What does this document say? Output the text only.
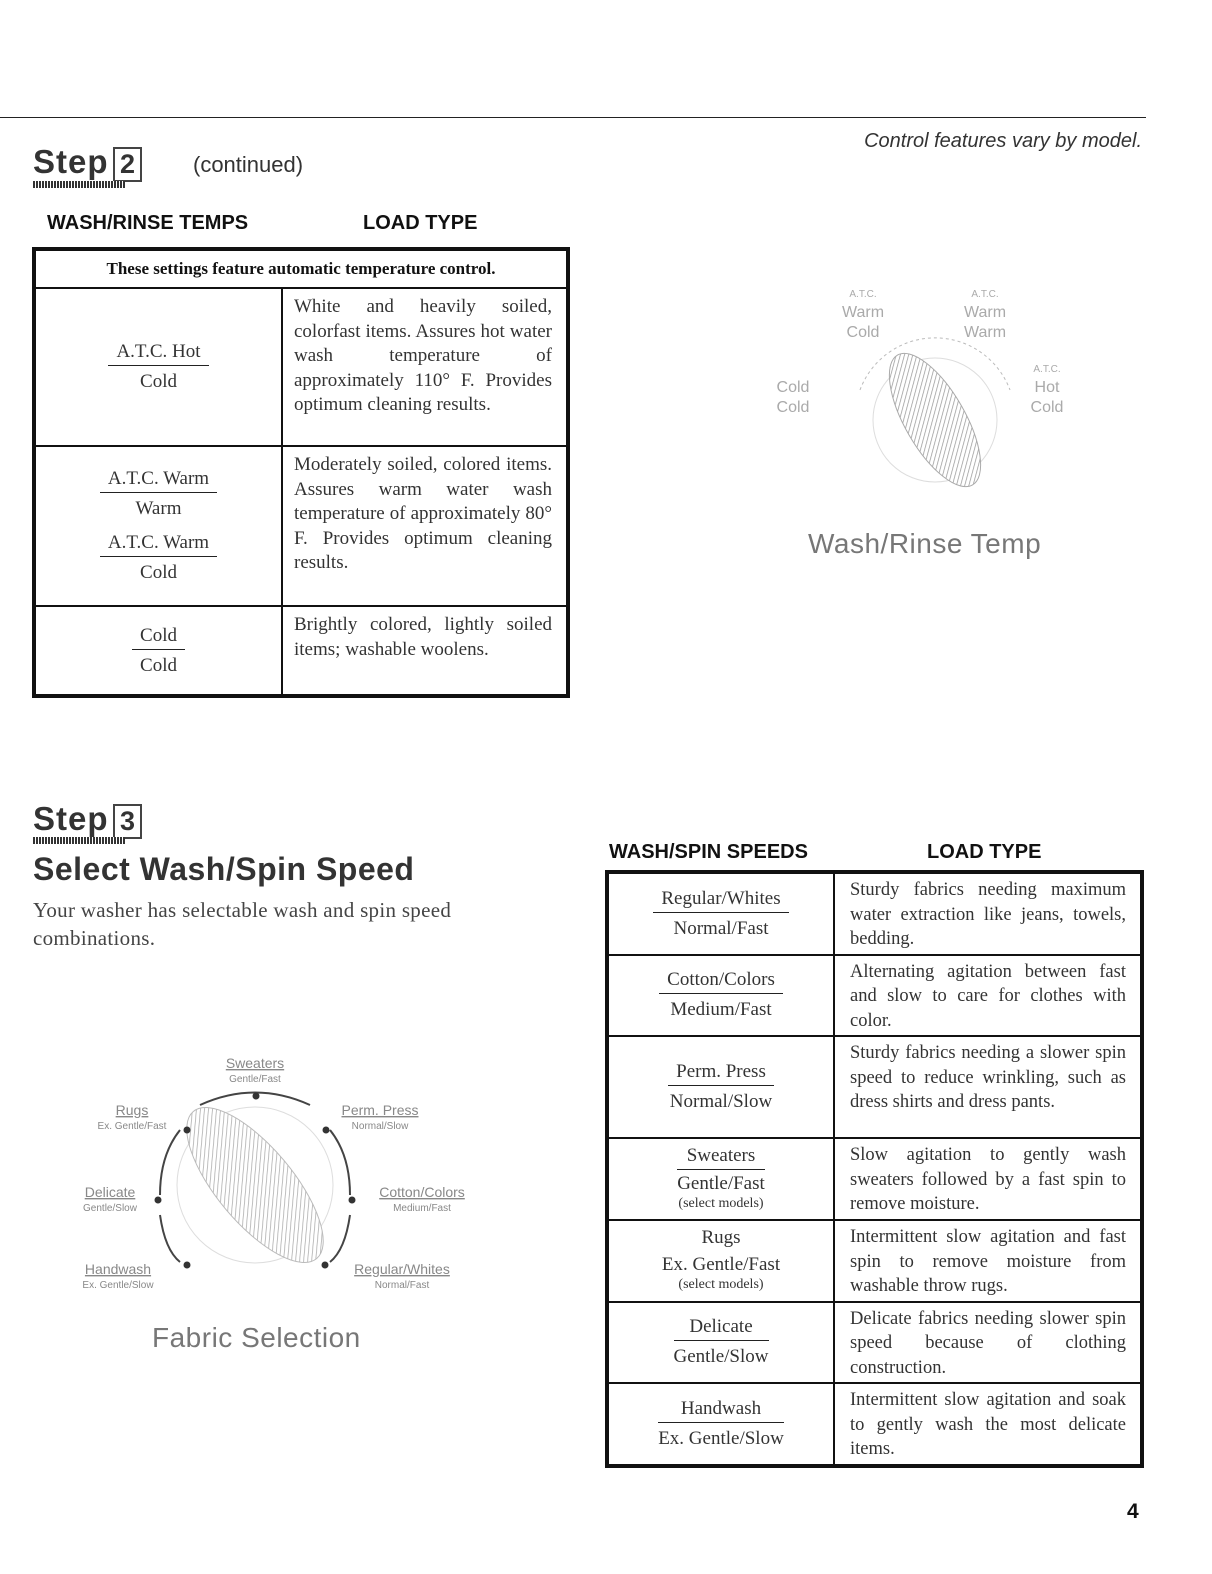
Control features vary by model.
Step 2	(continued)
WASH/RINSE TEMPS	LOAD TYPE
These settings feature automatic temperature control.	

A.T.C. Hot
Cold	White and heavily soiled, colorfast items. Assures hot water wash temperature of approximately 110° F. Provides optimum cleaning results.

A.T.C. Warm
Warm
A.T.C. Warm
Cold	Moderately soiled, colored items. Assures warm water wash temperature of approximately 80° F. Provides optimum cleaning results.

Cold
Cold	Brightly colored, lightly soiled items; washable woolens.
Cold
Cold
A.T.C.
Warm
Cold
A.T.C.
Warm
Warm
A.T.C.
Hot
Cold
Wash/Rinse Temp
Step 3
Select Wash/Spin Speed
Your washer has selectable wash and spin speed combinations.
Sweaters
Gentle/Fast
Perm. Press
Normal/Slow
Cotton/Colors
Medium/Fast
Regular/Whites
Normal/Fast
Handwash
Ex. Gentle/Slow
Delicate
Gentle/Slow
Rugs
Ex. Gentle/Fast
Fabric Selection
WASH/SPIN SPEEDS	LOAD TYPE
Regular/Whites
Normal/Fast	Sturdy fabrics needing maximum water extraction like jeans, towels, bedding.

Cotton/Colors
Medium/Fast	Alternating agitation between fast and slow to care for clothes with color.

Perm. Press
Normal/Slow	Sturdy fabrics needing a slower spin speed to reduce wrinkling, such as dress shirts and dress pants.

Sweaters
Gentle/Fast
(select models)	Slow agitation to gently wash sweaters followed by a fast spin to remove moisture.

Rugs
Ex. Gentle/Fast
(select models)	Intermittent slow agitation and fast spin to remove moisture from washable throw rugs.

Delicate
Gentle/Slow	Delicate fabrics needing slower spin speed because of clothing construction.

Handwash
Ex. Gentle/Slow	Intermittent slow agitation and soak to gently wash the most delicate items.
4
